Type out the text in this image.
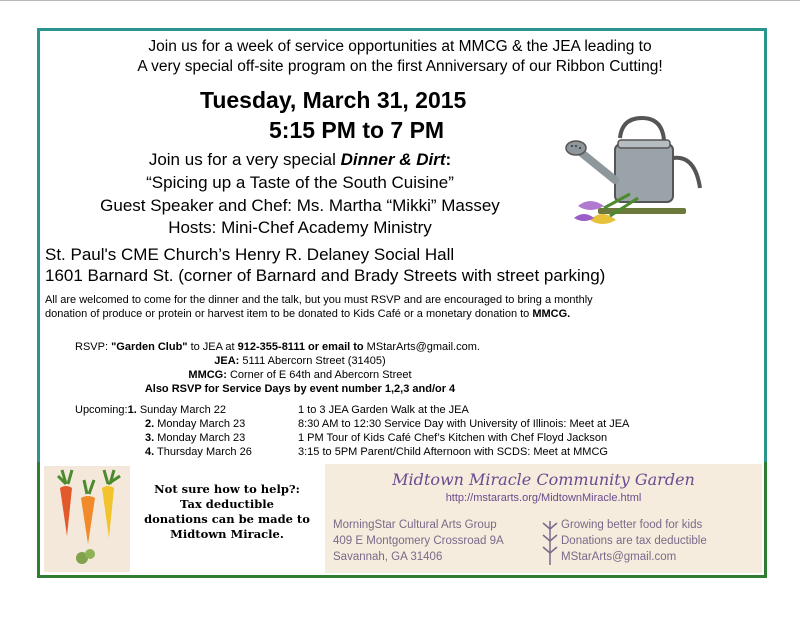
Join us for a week of service opportunities at MMCG & the JEA leading to
A very special off-site program on the first Anniversary of our Ribbon Cutting!
Tuesday, March 31, 2015
5:15 PM to 7 PM
Join us for a very special Dinner & Dirt:
“Spicing up a Taste of the South Cuisine”
Guest Speaker and Chef: Ms. Martha “Mikki” Massey
Hosts: Mini-Chef Academy Ministry
St. Paul's CME Church’s Henry R. Delaney Social Hall
1601 Barnard St. (corner of Barnard and Brady Streets with street parking)
All are welcomed to come for the dinner and the talk, but you must RSVP and are encouraged to bring a monthly
donation of produce or protein or harvest item to be donated to Kids Café or a monetary donation to MMCG.
RSVP: "Garden Club" to JEA at 912-355-8111 or email to MStarArts@gmail.com.
JEA: 5111 Abercorn Street (31405)
MMCG: Corner of E 64th and Abercorn Street
Also RSVP for Service Days by event number 1,2,3 and/or 4
Upcoming:1. Sunday March 22	1 to 3 JEA Garden Walk at the JEA
2. Monday March 23	8:30 AM to 12:30 Service Day with University of Illinois: Meet at JEA
3. Monday March 23	1 PM Tour of Kids Café Chef’s Kitchen with Chef Floyd Jackson
4. Thursday March 26	3:15 to 5PM Parent/Child Afternoon with SCDS: Meet at MMCG
Not sure how to help?:
Tax deductible
donations can be made to
Midtown Miracle.
Midtown Miracle Community Garden
http://mstararts.org/MidtownMiracle.html
MorningStar Cultural Arts Group
409 E Montgomery Crossroad 9A
Savannah, GA 31406
Growing better food for kids
Donations are tax deductible
MStarArts@gmail.com
